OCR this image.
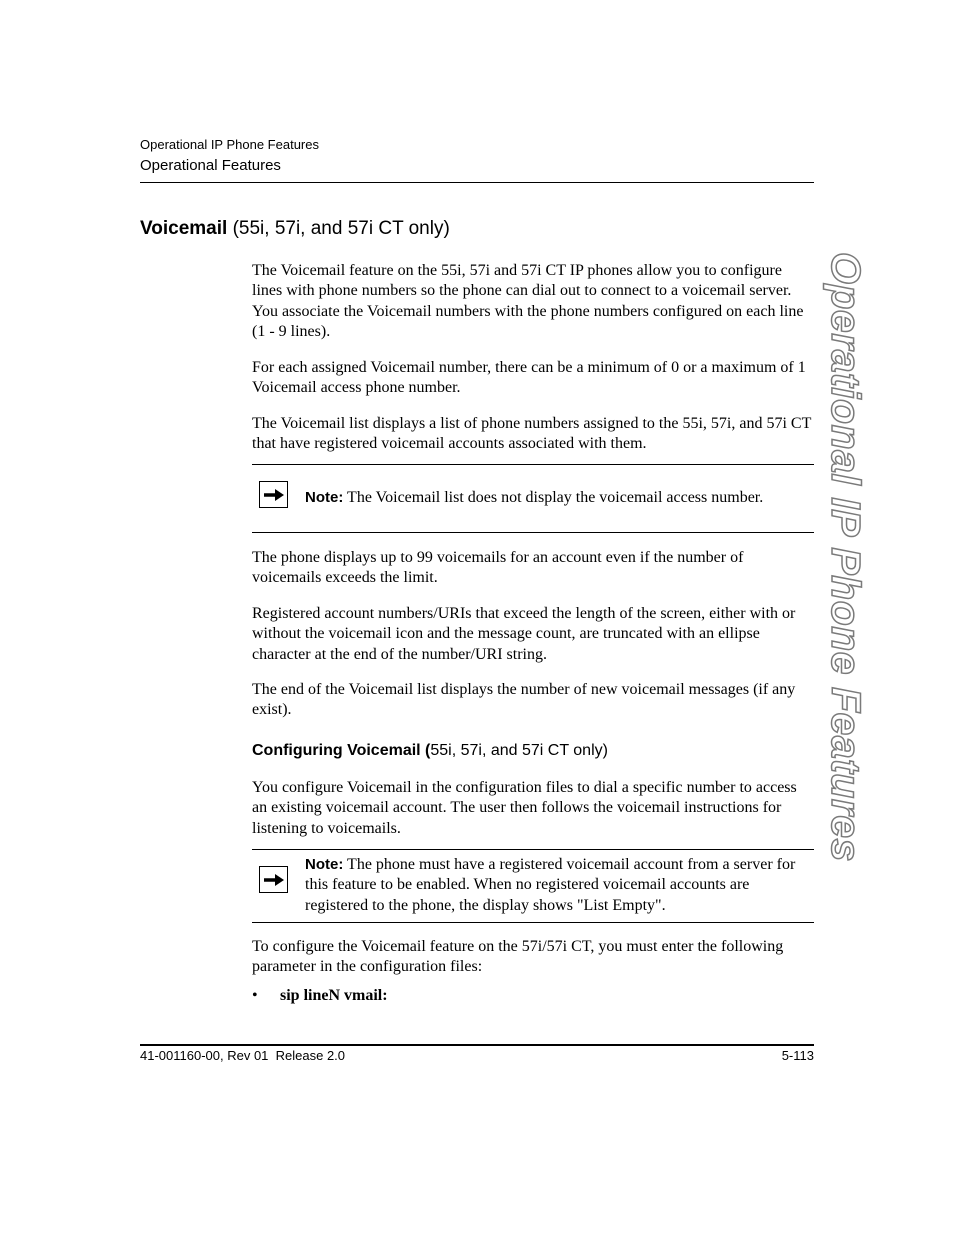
Operational IP Phone Features
Operational Features
Operational IP Phone Features
Voicemail (55i, 57i, and 57i CT only)

The Voicemail feature on the 55i, 57i and 57i CT IP phones allow you to configure lines with phone numbers so the phone can dial out to connect to a voicemail server. You associate the Voicemail numbers with the phone numbers configured on each line (1 - 9 lines).

For each assigned Voicemail number, there can be a minimum of 0 or a maximum of 1 Voicemail access phone number.

The Voicemail list displays a list of phone numbers assigned to the 55i, 57i, and 57i CT that have registered voicemail accounts associated with them.

Note: The Voicemail list does not display the voicemail access number.

The phone displays up to 99 voicemails for an account even if the number of voicemails exceeds the limit.

Registered account numbers/URIs that exceed the length of the screen, either with or without the voicemail icon and the message count, are truncated with an ellipse character at the end of the number/URI string.

The end of the Voicemail list displays the number of new voicemail messages (if any exist).

Configuring Voicemail (55i, 57i, and 57i CT only)

You configure Voicemail in the configuration files to dial a specific number to access an existing voicemail account. The user then follows the voicemail instructions for listening to voicemails.

Note: The phone must have a registered voicemail account from a server for this feature to be enabled. When no registered voicemail accounts are registered to the phone, the display shows "List Empty".

To configure the Voicemail feature on the 57i/57i CT, you must enter the following parameter in the configuration files:

• sip lineN vmail:
41-001160-00, Rev 01  Release 2.0	5-113
